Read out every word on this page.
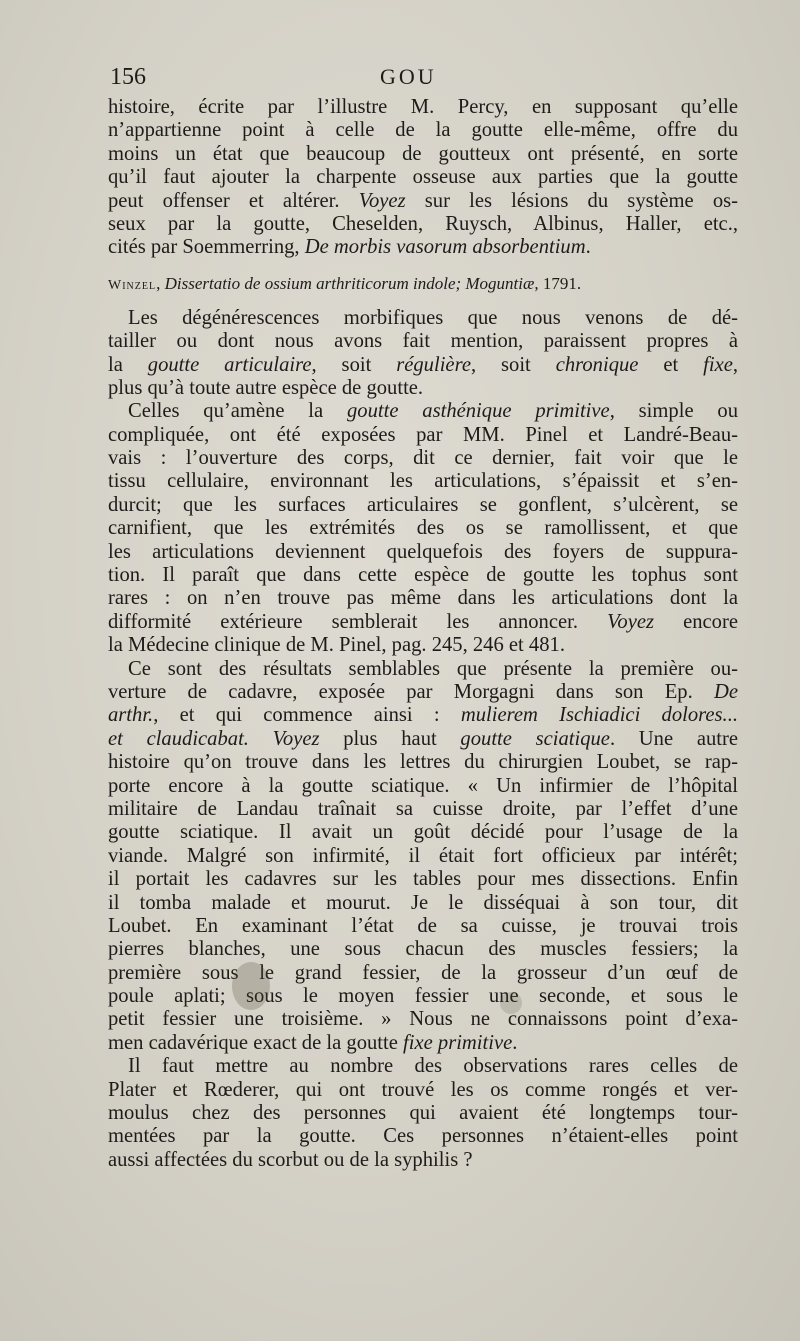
156	GOU
histoire, écrite par l’illustre M. Percy, en supposant qu’elle
n’appartienne point à celle de la goutte elle-même, offre du
moins un état que beaucoup de goutteux ont présenté, en sorte
qu’il faut ajouter la charpente osseuse aux parties que la goutte
peut offenser et altérer. Voyez sur les lésions du système os-
seux par la goutte, Cheselden, Ruysch, Albinus, Haller, etc.,
cités par Soemmerring, De morbis vasorum absorbentium.
Winzel, Dissertatio de ossium arthriticorum indole; Moguntiæ, 1791.
Les dégénérescences morbifiques que nous venons de dé-
tailler ou dont nous avons fait mention, paraissent propres à
la goutte articulaire, soit régulière, soit chronique et fixe,
plus qu’à toute autre espèce de goutte.
Celles qu’amène la goutte asthénique primitive, simple ou
compliquée, ont été exposées par MM. Pinel et Landré-Beau-
vais : l’ouverture des corps, dit ce dernier, fait voir que le
tissu cellulaire, environnant les articulations, s’épaissit et s’en-
durcit; que les surfaces articulaires se gonflent, s’ulcèrent, se
carnifient, que les extrémités des os se ramollissent, et que
les articulations deviennent quelquefois des foyers de suppura-
tion. Il paraît que dans cette espèce de goutte les tophus sont
rares : on n’en trouve pas même dans les articulations dont la
difformité extérieure semblerait les annoncer. Voyez encore
la Médecine clinique de M. Pinel, pag. 245, 246 et 481.
Ce sont des résultats semblables que présente la première ou-
verture de cadavre, exposée par Morgagni dans son Ep. De
arthr., et qui commence ainsi : mulierem Ischiadici dolores...
et claudicabat. Voyez plus haut goutte sciatique. Une autre
histoire qu’on trouve dans les lettres du chirurgien Loubet, se rap-
porte encore à la goutte sciatique. « Un infirmier de l’hôpital
militaire de Landau traînait sa cuisse droite, par l’effet d’une
goutte sciatique. Il avait un goût décidé pour l’usage de la
viande. Malgré son infirmité, il était fort officieux par intérêt;
il portait les cadavres sur les tables pour mes dissections. Enfin
il tomba malade et mourut. Je le disséquai à son tour, dit
Loubet. En examinant l’état de sa cuisse, je trouvai trois
pierres blanches, une sous chacun des muscles fessiers; la
première sous le grand fessier, de la grosseur d’un œuf de
poule aplati; sous le moyen fessier une seconde, et sous le
petit fessier une troisième. » Nous ne connaissons point d’exa-
men cadavérique exact de la goutte fixe primitive.
Il faut mettre au nombre des observations rares celles de
Plater et Rœderer, qui ont trouvé les os comme rongés et ver-
moulus chez des personnes qui avaient été longtemps tour-
mentées par la goutte. Ces personnes n’étaient-elles point
aussi affectées du scorbut ou de la syphilis ?
